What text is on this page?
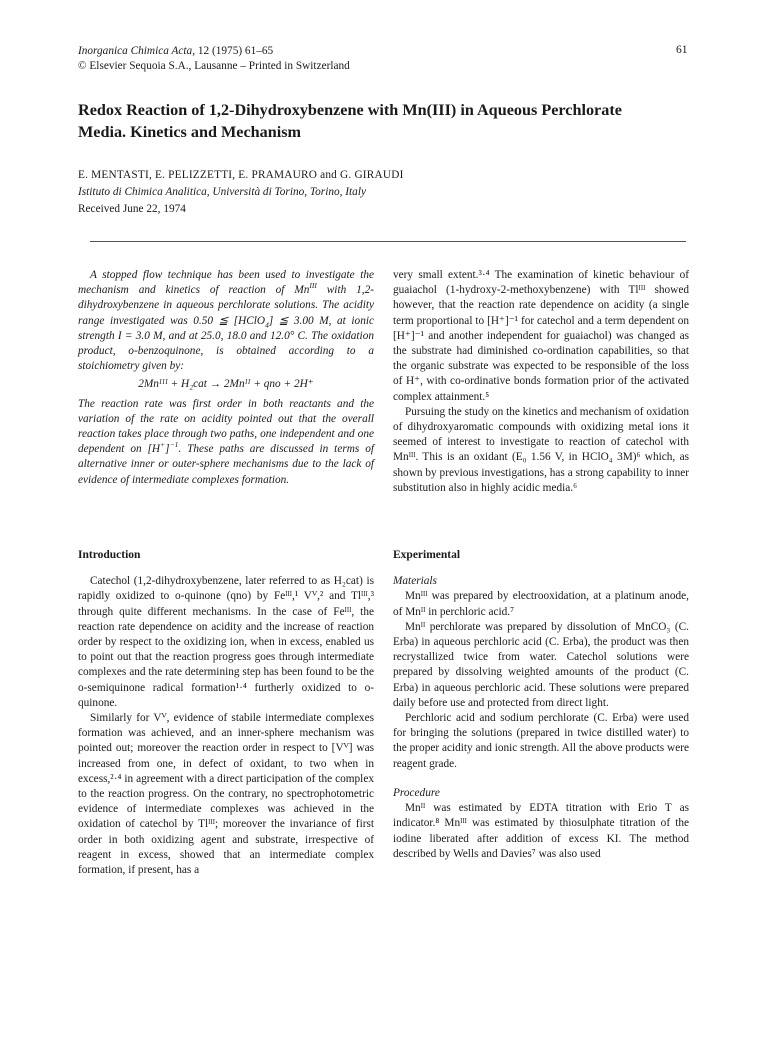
Inorganica Chimica Acta, 12 (1975) 61–65
© Elsevier Sequoia S.A., Lausanne – Printed in Switzerland
61
Redox Reaction of 1,2-Dihydroxybenzene with Mn(III) in Aqueous Perchlorate Media. Kinetics and Mechanism
E. MENTASTI, E. PELIZZETTI, E. PRAMAURO and G. GIRAUDI
Istituto di Chimica Analitica, Università di Torino, Torino, Italy
Received June 22, 1974

A stopped flow technique has been used to investigate the mechanism and kinetics of reaction of $Mn^{III}$ with 1,2-dihydroxybenzene in aqueous perchlorate solutions. The acidity range investigated was 0.50 ≦ [HClO$_4$] ≦ 3.00 M, at ionic strength I = 3.0 M, and at 25.0, 18.0 and 12.0° C. The oxidation product, o-benzoquinone, is obtained according to a stoichiometry given by:

2Mnᴵᴵᴵ + H₂cat → 2Mnᴵᴵ + qno + 2H⁺

The reaction rate was first order in both reactants and the variation of the rate on acidity pointed out that the overall reaction takes place through two paths, one independent and one dependent on $[H^+]^{-1}$. These paths are discussed in terms of alternative inner or outer-sphere mechanisms due to the lack of evidence of intermediate complexes formation.

Introduction

Catechol (1,2-dihydroxybenzene, later referred to as H₂cat) is rapidly oxidized to o-quinone (qno) by Feᴵᴵᴵ,¹ Vⱽ,² and Tlᴵᴵᴵ,³ through quite different mechanisms. In the case of Feᴵᴵᴵ, the reaction rate dependence on acidity and the increase of reaction order by respect to the oxidizing ion, when in excess, enabled us to point out that the reaction progress goes through intermediate complexes and the rate determining step has been found to be the o-semiquinone radical formation¹·⁴ furtherly oxidized to o-quinone.

Similarly for Vⱽ, evidence of stabile intermediate complexes formation was achieved, and an inner-sphere mechanism was pointed out; moreover the reaction order in respect to [Vⱽ] was increased from one, in defect of oxidant, to two when in excess,²·⁴ in agreement with a direct participation of the complex to the reaction progress. On the contrary, no spectrophotometric evidence of intermediate complexes was achieved in the oxidation of catechol by Tlᴵᴵᴵ; moreover the invariance of first order in both oxidizing agent and substrate, irrespective of reagent in excess, showed that an intermediate complex formation, if present, has a

very small extent.³·⁴ The examination of kinetic behaviour of guaiachol (1-hydroxy-2-methoxybenzene) with Tlᴵᴵᴵ showed however, that the reaction rate dependence on acidity (a single term proportional to [H⁺]⁻¹ for catechol and a term dependent on [H⁺]⁻¹ and another independent for guaiachol) was changed as the substrate had diminished co-ordination capabilities, so that the organic substrate was expected to be responsible of the loss of H⁺, with co-ordinative bonds formation prior of the activated complex attainment.⁵

Pursuing the study on the kinetics and mechanism of oxidation of dihydroxyaromatic compounds with oxidizing metal ions it seemed of interest to investigate to reaction of catechol with Mnᴵᴵᴵ. This is an oxidant (E₀ 1.56 V, in HClO₄ 3M)⁶ which, as shown by previous investigations, has a strong capability to inner substitution also in highly acidic media.⁶

Experimental
Materials

Mnᴵᴵᴵ was prepared by electrooxidation, at a platinum anode, of Mnᴵᴵ in perchloric acid.⁷

Mnᴵᴵ perchlorate was prepared by dissolution of MnCO₃ (C. Erba) in aqueous perchloric acid (C. Erba), the product was then recrystallized twice from water. Catechol solutions were prepared by dissolving weighted amounts of the product (C. Erba) in aqueous perchloric acid. These solutions were prepared daily before use and protected from direct light.

Perchloric acid and sodium perchlorate (C. Erba) were used for bringing the solutions (prepared in twice distilled water) to the proper acidity and ionic strength. All the above products were reagent grade.

Procedure

Mnᴵᴵ was estimated by EDTA titration with Erio T as indicator.⁸ Mnᴵᴵᴵ was estimated by thiosulphate titration of the iodine liberated after addition of excess KI. The method described by Wells and Davies⁷ was also used
